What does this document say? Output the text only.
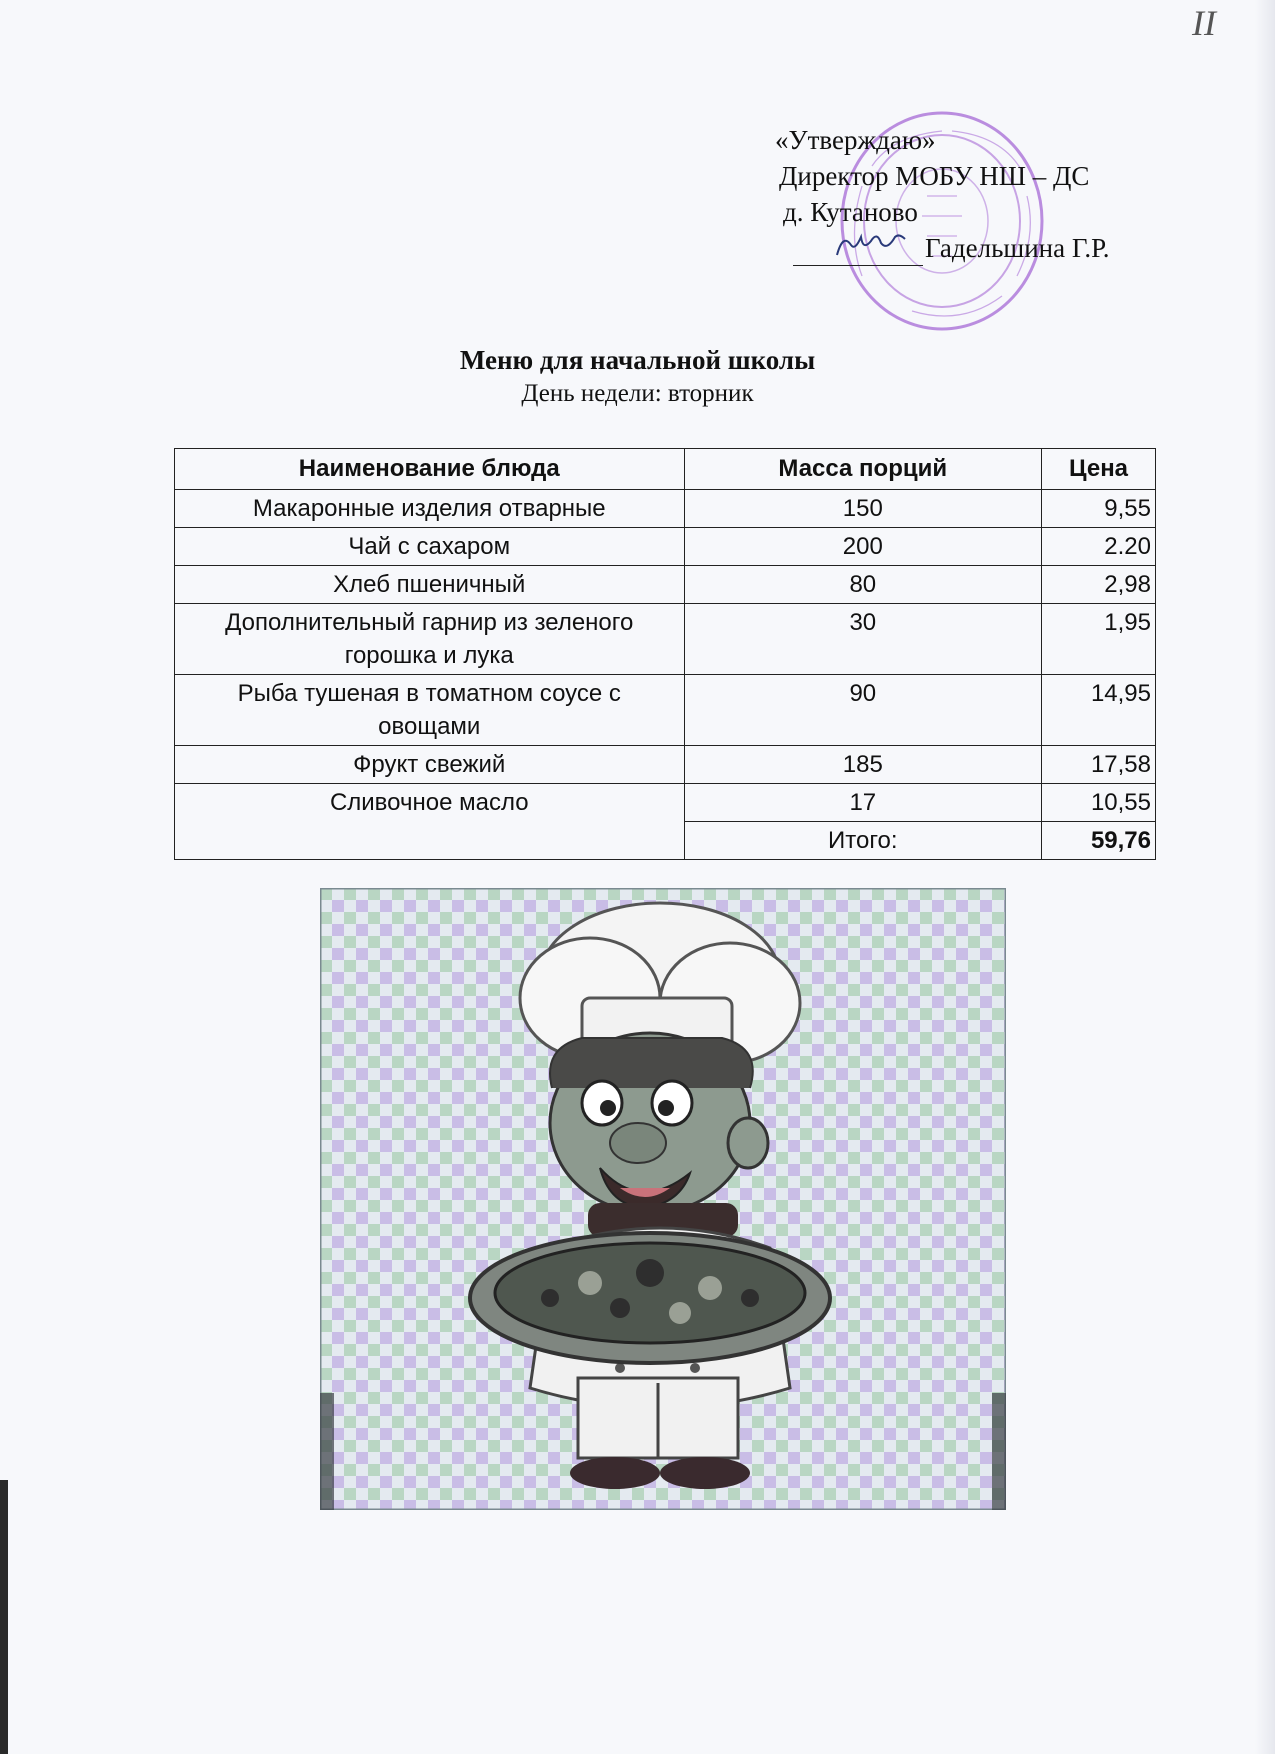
II
«Утверждаю»
Директор МОБУ НШ – ДС
д. Кутаново
Гадельшина Г.Р.
Меню для начальной школы
День недели: вторник
Наименование блюда	Масса порций	Цена
Макаронные изделия отварные	150	9,55
Чай с сахаром	200	2.20
Хлеб пшеничный	80	2,98
Дополнительный гарнир из зеленого горошка и лука	30	1,95
Рыба тушеная в томатном соусе с овощами	90	14,95
Фрукт свежий	185	17,58
Сливочное масло	17	10,55
	Итого:	59,76
